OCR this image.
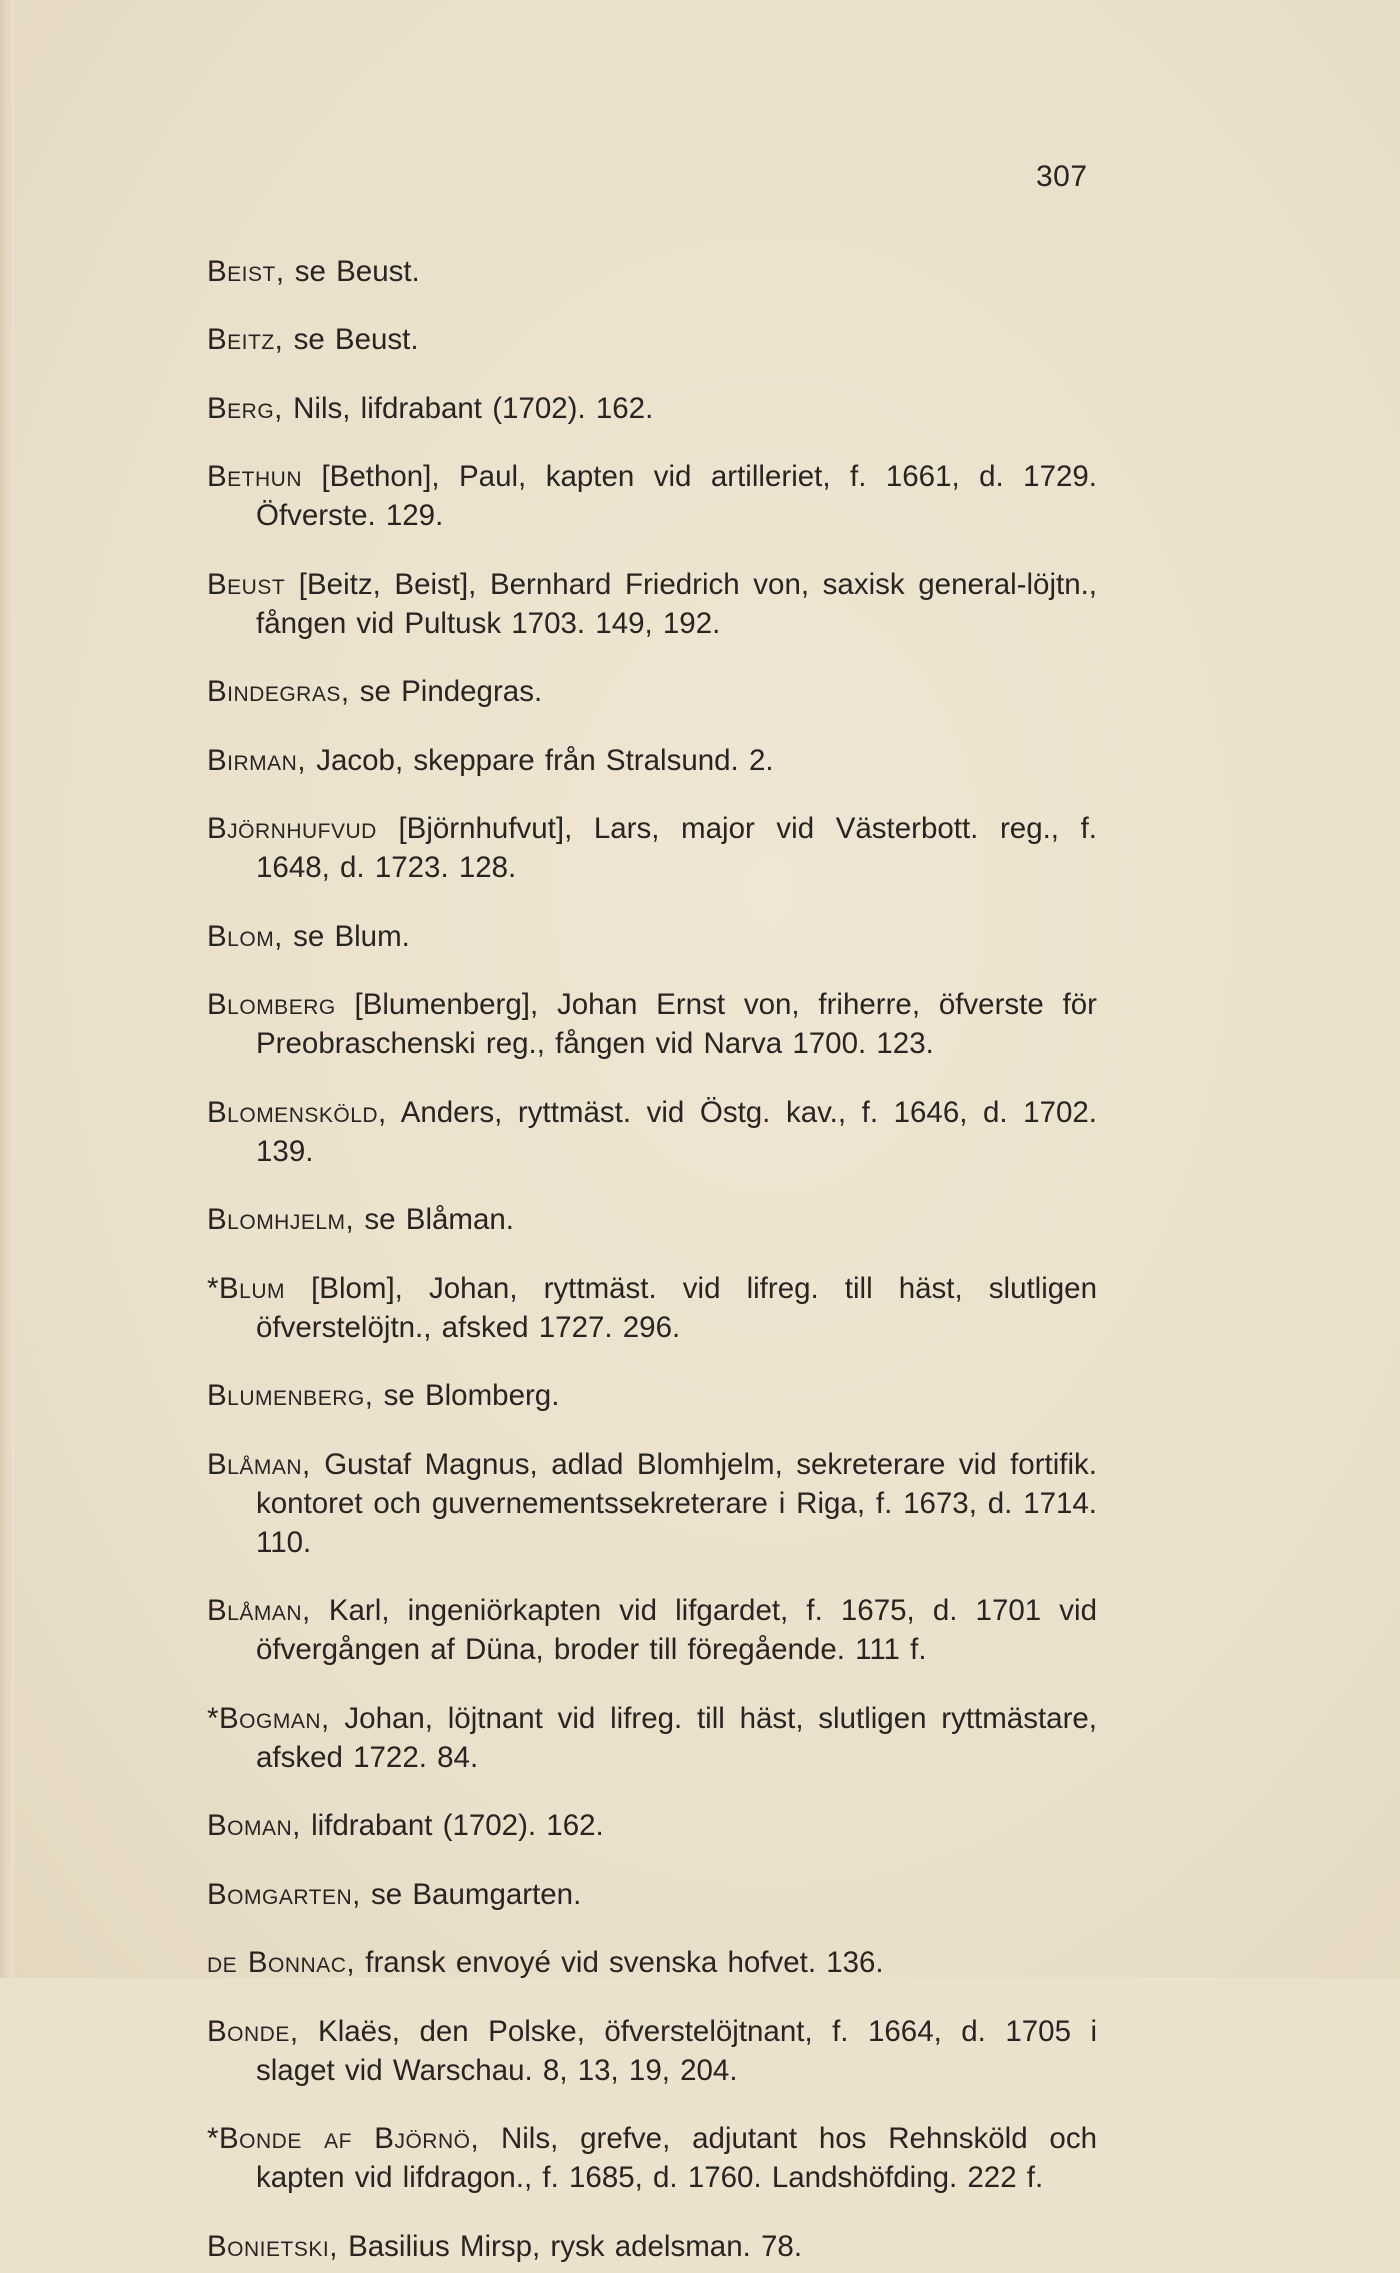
307

Beist, se Beust.

Beitz, se Beust.

Berg, Nils, lifdrabant (1702). 162.

Bethun [Bethon], Paul, kapten vid artilleriet, f. 1661, d. 1729. Öfverste. 129.

Beust [Beitz, Beist], Bernhard Friedrich von, saxisk general-löjtn., fången vid Pultusk 1703. 149, 192.

Bindegras, se Pindegras.

Birman, Jacob, skeppare från Stralsund. 2.

Björnhufvud [Björnhufvut], Lars, major vid Västerbott. reg., f. 1648, d. 1723. 128.

Blom, se Blum.

Blomberg [Blumenberg], Johan Ernst von, friherre, öfverste för Preobraschenski reg., fången vid Narva 1700. 123.

Blomensköld, Anders, ryttmäst. vid Östg. kav., f. 1646, d. 1702. 139.

Blomhjelm, se Blåman.

*Blum [Blom], Johan, ryttmäst. vid lifreg. till häst, slutligen öfverstelöjtn., afsked 1727. 296.

Blumenberg, se Blomberg.

Blåman, Gustaf Magnus, adlad Blomhjelm, sekreterare vid fortifik. kontoret och guvernementssekreterare i Riga, f. 1673, d. 1714. 110.

Blåman, Karl, ingeniörkapten vid lifgardet, f. 1675, d. 1701 vid öfvergången af Düna, broder till föregående. 111 f.

*Bogman, Johan, löjtnant vid lifreg. till häst, slutligen ryttmästare, afsked 1722. 84.

Boman, lifdrabant (1702). 162.

Bomgarten, se Baumgarten.

de Bonnac, fransk envoyé vid svenska hofvet. 136.

Bonde, Klaës, den Polske, öfverstelöjtnant, f. 1664, d. 1705 i slaget vid Warschau. 8, 13, 19, 204.

*Bonde af Björnö, Nils, grefve, adjutant hos Rehnsköld och kapten vid lifdragon., f. 1685, d. 1760. Landshöfding. 222 f.

Bonietski, Basilius Mirsp, rysk adelsman. 78.
